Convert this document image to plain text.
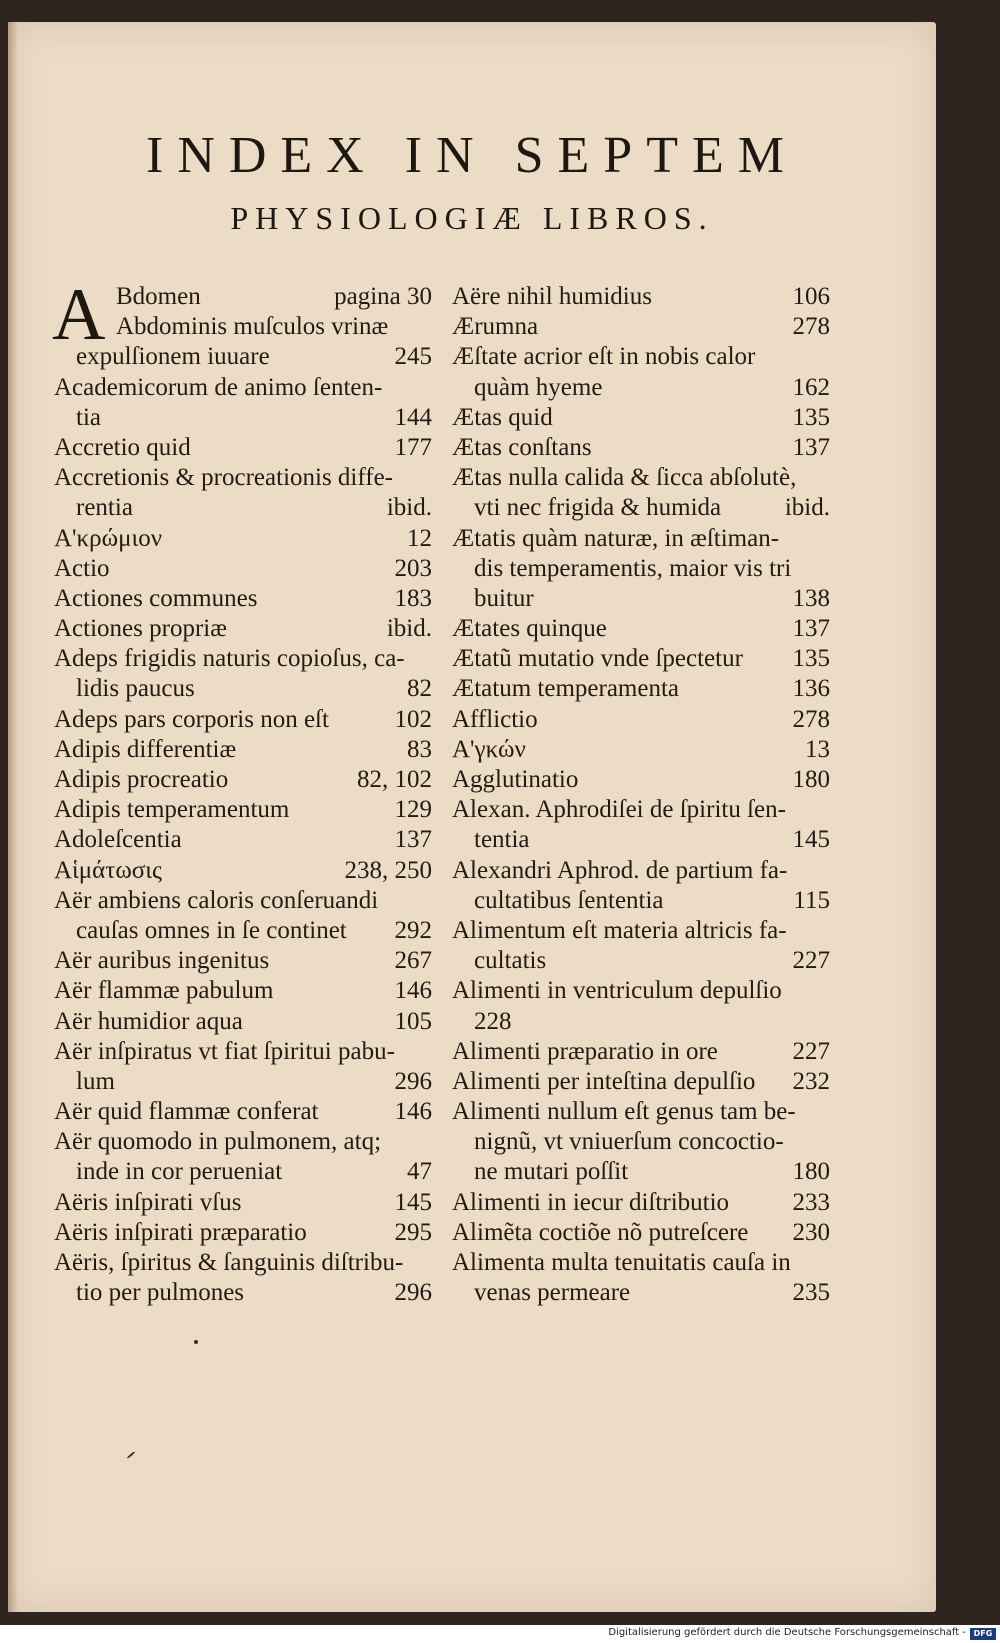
INDEX IN SEPTEM
PHYSIOLOGIÆ LIBROS.
A Bdomen	pagina 30
Abdominis muſculos vrinæ
expulſionem iuuare	245
Academicorum de animo ſenten-
tia	144
Accretio quid	177
Accretionis & procreationis diffe-
rentia	ibid.
Α'κρώμιον	12
Actio	203
Actiones communes	183
Actiones propriæ	ibid.
Adeps frigidis naturis copioſus, ca-
lidis paucus	82
Adeps pars corporis non eſt	102
Adipis differentiæ	83
Adipis procreatio	82, 102
Adipis temperamentum	129
Adoleſcentia	137
Αἱμάτωσις	238, 250
Aër ambiens caloris conſeruandi
cauſas omnes in ſe continet 292
Aër auribus ingenitus	267
Aër flammæ pabulum	146
Aër humidior aqua	105
Aër inſpiratus vt fiat ſpiritui pabu-
lum	296
Aër quid flammæ conferat	146
Aër quomodo in pulmonem, atq;
inde in cor perueniat	47
Aëris inſpirati vſus	145
Aëris inſpirati præparatio	295
Aëris, ſpiritus & ſanguinis diſtribu-
tio per pulmones	296
Aëre nihil humidius	106
Ærumna	278
Æſtate acrior eſt in nobis calor
quàm hyeme	162
Ætas quid	135
Ætas conſtans	137
Ætas nulla calida & ſicca abſolutè,
vti nec frigida & humida	ibid.
Ætatis quàm naturæ, in æſtiman-
dis temperamentis, maior vis tri
buitur	138
Ætates quinque	137
Ætatũ mutatio vnde ſpectetur 135
Ætatum temperamenta	136
Afflictio	278
Α'γκών	13
Agglutinatio	180
Alexan. Aphrodiſei de ſpiritu ſen-
tentia	145
Alexandri Aphrod. de partium fa-
cultatibus ſententia	115
Alimentum eſt materia altricis fa-
cultatis	227
Alimenti in ventriculum depulſio
228
Alimenti præparatio in ore	227
Alimenti per inteſtina depulſio 232
Alimenti nullum eſt genus tam be-
nignũ, vt vniuerſum concoctio-
ne mutari poſſit	180
Alimenti in iecur diſtributio	233
Alimẽta coctiõe nõ putreſcere 230
Alimenta multa tenuitatis cauſa in
venas permeare	235
Digitalisierung gefördert durch die Deutsche Forschungsgemeinschaft - DFG
